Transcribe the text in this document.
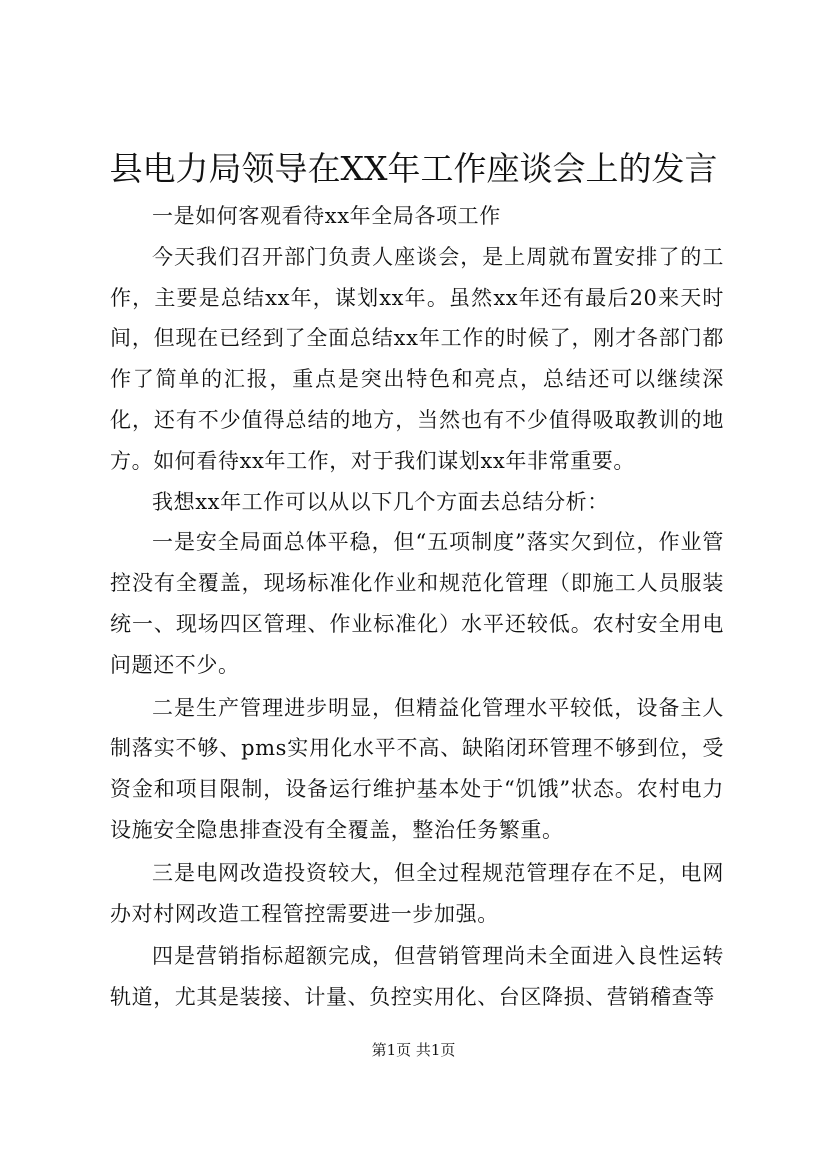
县电力局领导在XX年工作座谈会上的发言

一是如何客观看待xx年全局各项工作

今天我们召开部门负责人座谈会，是上周就布置安排了的工作，主要是总结xx年，谋划xx年。虽然xx年还有最后20来天时间，但现在已经到了全面总结xx年工作的时候了，刚才各部门都作了简单的汇报，重点是突出特色和亮点，总结还可以继续深化，还有不少值得总结的地方，当然也有不少值得吸取教训的地方。如何看待xx年工作，对于我们谋划xx年非常重要。

我想xx年工作可以从以下几个方面去总结分析：

一是安全局面总体平稳，但“五项制度”落实欠到位，作业管控没有全覆盖，现场标准化作业和规范化管理（即施工人员服装统一、现场四区管理、作业标准化）水平还较低。农村安全用电问题还不少。

二是生产管理进步明显，但精益化管理水平较低，设备主人制落实不够、pms实用化水平不高、缺陷闭环管理不够到位，受资金和项目限制，设备运行维护基本处于“饥饿”状态。农村电力设施安全隐患排查没有全覆盖，整治任务繁重。

三是电网改造投资较大，但全过程规范管理存在不足，电网办对村网改造工程管控需要进一步加强。

四是营销指标超额完成，但营销管理尚未全面进入良性运转轨道，尤其是装接、计量、负控实用化、台区降损、营销稽查等

第1页 共1页
